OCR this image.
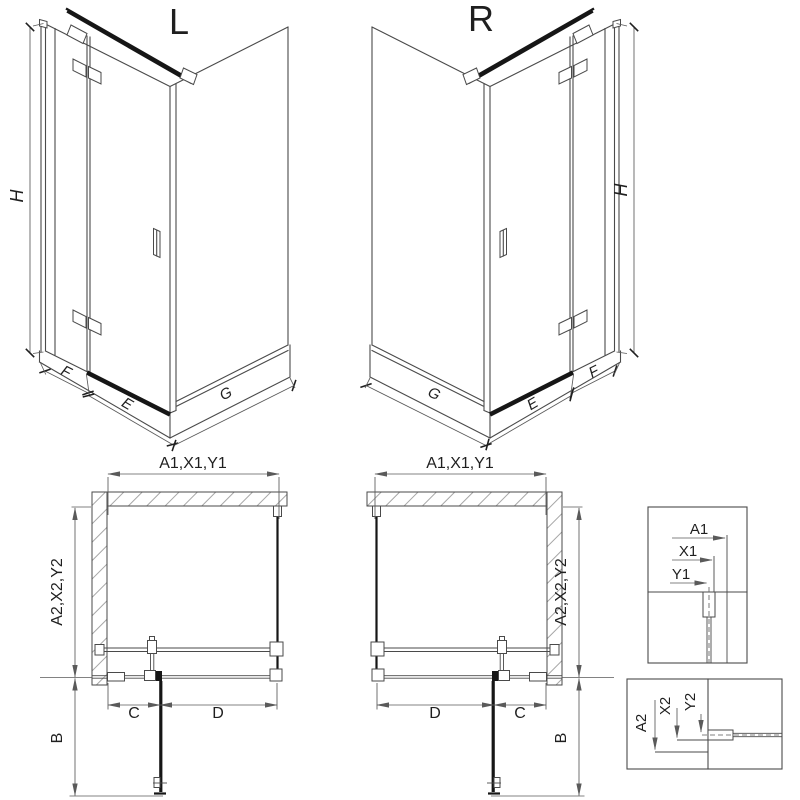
L
H
F
E	G
R
H
F
E
G
A1,X1,Y1
A2,X2,Y2
B
C	D
A1,X1,Y1
A2,X2,Y2
B
D	C
A1
X1
Y1
A2
X2 Y2
